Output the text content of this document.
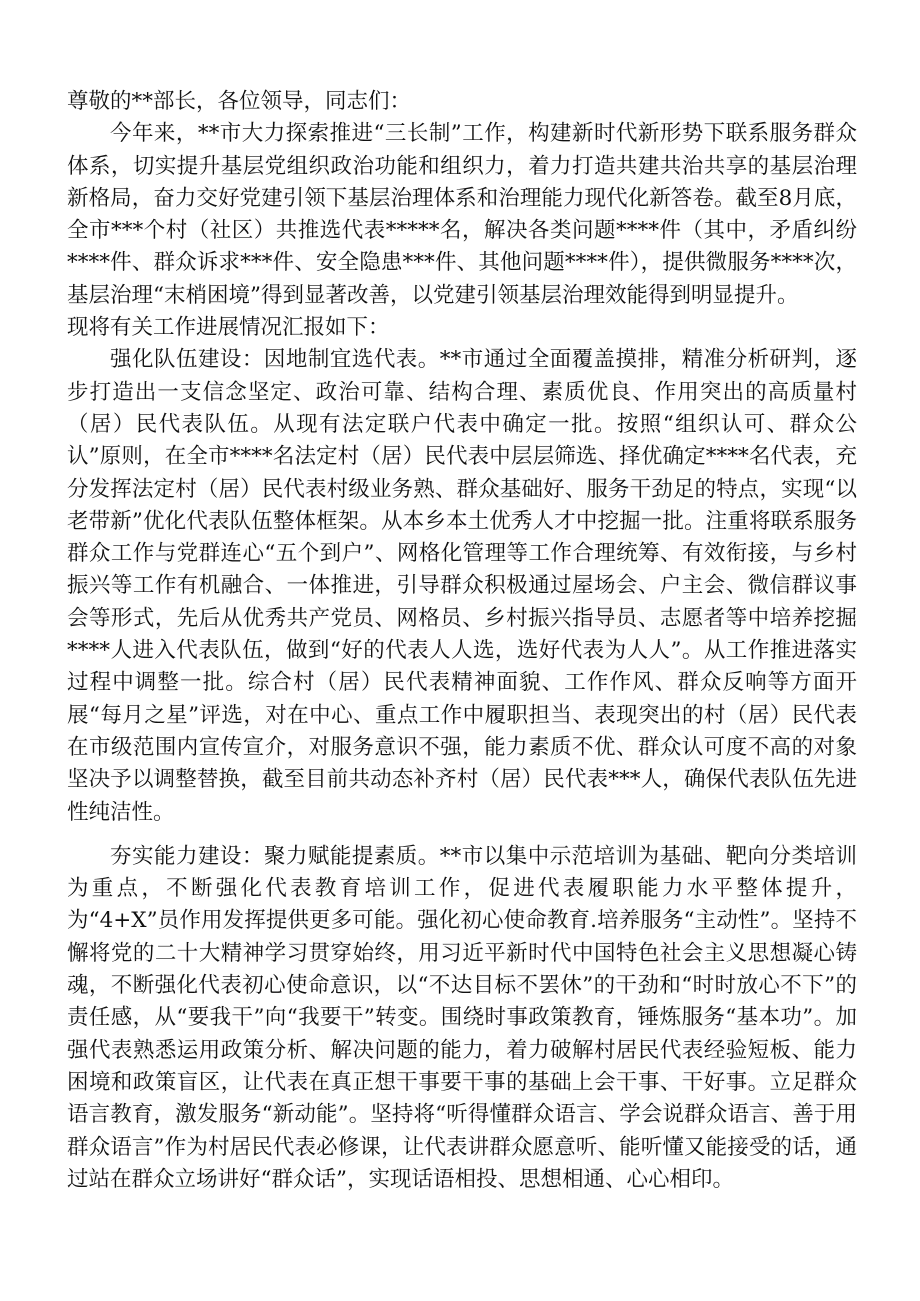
尊敬的**部长，各位领导，同志们：

今年来，**市大力探索推进“三长制”工作，构建新时代新形势下联系服务群众体系，切实提升基层党组织政治功能和组织力，着力打造共建共治共享的基层治理新格局，奋力交好党建引领下基层治理体系和治理能力现代化新答卷。截至8月底，全市***个村（社区）共推选代表*****名，解决各类问题****件（其中，矛盾纠纷****件、群众诉求***件、安全隐患***件、其他问题****件），提供微服务****次，基层治理“末梢困境”得到显著改善，以党建引领基层治理效能得到明显提升。

现将有关工作进展情况汇报如下：

强化队伍建设：因地制宜选代表。**市通过全面覆盖摸排，精准分析研判，逐步打造出一支信念坚定、政治可靠、结构合理、素质优良、作用突出的高质量村（居）民代表队伍。从现有法定联户代表中确定一批。按照“组织认可、群众公认”原则，在全市****名法定村（居）民代表中层层筛选、择优确定****名代表，充分发挥法定村（居）民代表村级业务熟、群众基础好、服务干劲足的特点，实现“以老带新”优化代表队伍整体框架。从本乡本土优秀人才中挖掘一批。注重将联系服务群众工作与党群连心“五个到户”、网格化管理等工作合理统筹、有效衔接，与乡村振兴等工作有机融合、一体推进，引导群众积极通过屋场会、户主会、微信群议事会等形式，先后从优秀共产党员、网格员、乡村振兴指导员、志愿者等中培养挖掘****人进入代表队伍，做到“好的代表人人选，选好代表为人人”。从工作推进落实过程中调整一批。综合村（居）民代表精神面貌、工作作风、群众反响等方面开展“每月之星”评选，对在中心、重点工作中履职担当、表现突出的村（居）民代表在市级范围内宣传宣介，对服务意识不强，能力素质不优、群众认可度不高的对象坚决予以调整替换，截至目前共动态补齐村（居）民代表***人，确保代表队伍先进性纯洁性。

夯实能力建设：聚力赋能提素质。**市以集中示范培训为基础、靶向分类培训为重点，不断强化代表教育培训工作，促进代表履职能力水平整体提升，为“4+X”员作用发挥提供更多可能。强化初心使命教育.培养服务“主动性”。坚持不懈将党的二十大精神学习贯穿始终，用习近平新时代中国特色社会主义思想凝心铸魂，不断强化代表初心使命意识，以“不达目标不罢休”的干劲和“时时放心不下”的责任感，从“要我干”向“我要干”转变。围绕时事政策教育，锤炼服务“基本功”。加强代表熟悉运用政策分析、解决问题的能力，着力破解村居民代表经验短板、能力困境和政策盲区，让代表在真正想干事要干事的基础上会干事、干好事。立足群众语言教育，激发服务“新动能”。坚持将“听得懂群众语言、学会说群众语言、善于用群众语言”作为村居民代表必修课，让代表讲群众愿意听、能听懂又能接受的话，通过站在群众立场讲好“群众话”，实现话语相投、思想相通、心心相印。
